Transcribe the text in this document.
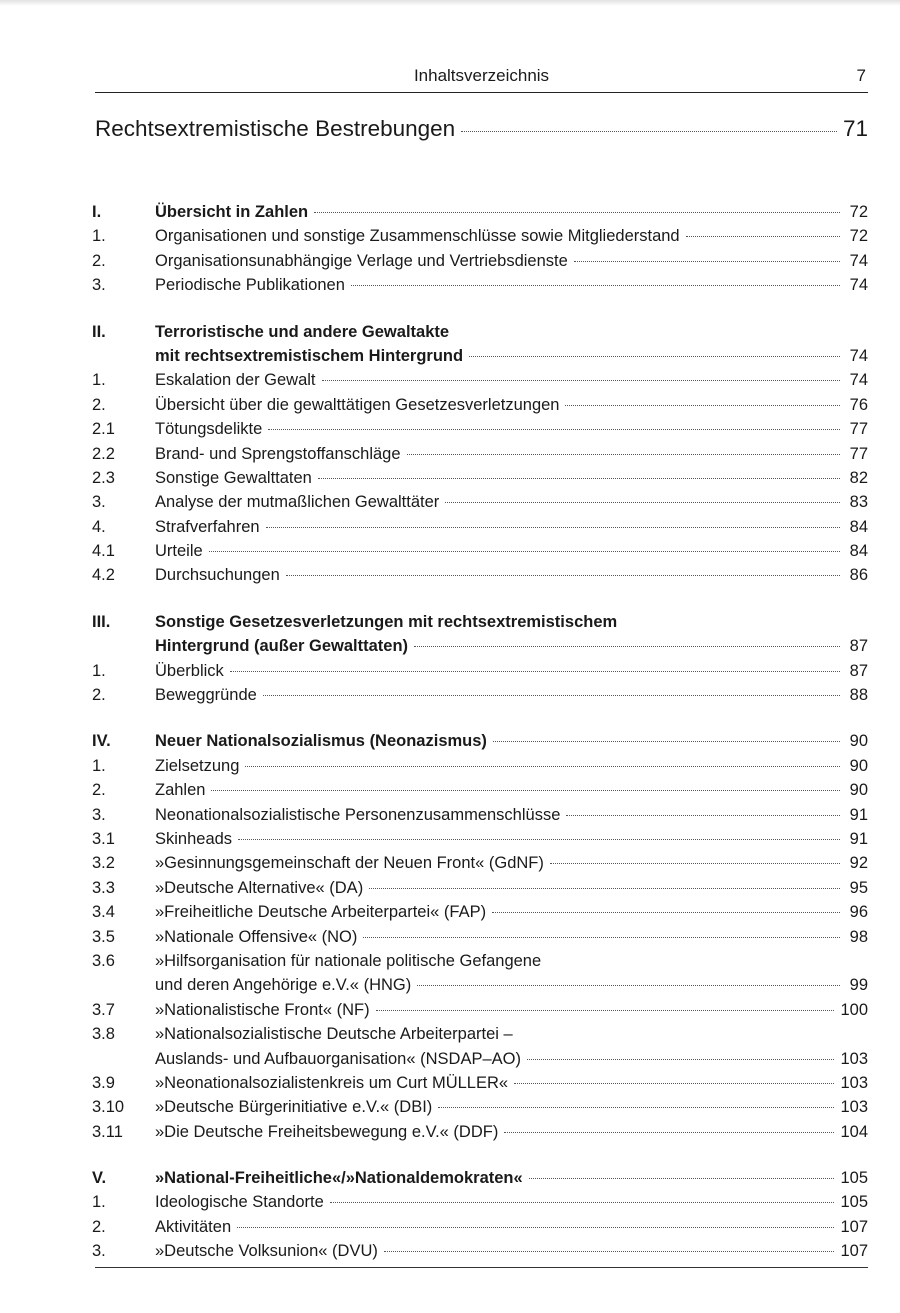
Inhaltsverzeichnis	7
Rechtsextremistische Bestrebungen	71
I.	Übersicht in Zahlen	72
1.	Organisationen und sonstige Zusammenschlüsse sowie Mitgliederstand	72
2.	Organisationsunabhängige Verlage und Vertriebsdienste	74
3.	Periodische Publikationen	74
II.	Terroristische und andere Gewaltakte
mit rechtsextremistischem Hintergrund	74
1.	Eskalation der Gewalt	74
2.	Übersicht über die gewalttätigen Gesetzesverletzungen	76
2.1	Tötungsdelikte	77
2.2	Brand- und Sprengstoffanschläge	77
2.3	Sonstige Gewalttaten	82
3.	Analyse der mutmaßlichen Gewalttäter	83
4.	Strafverfahren	84
4.1	Urteile	84
4.2	Durchsuchungen	86
III.	Sonstige Gesetzesverletzungen mit rechtsextremistischem
Hintergrund (außer Gewalttaten)	87
1.	Überblick	87
2.	Beweggründe	88
IV.	Neuer Nationalsozialismus (Neonazismus)	90
1.	Zielsetzung	90
2.	Zahlen	90
3.	Neonationalsozialistische Personenzusammenschlüsse	91
3.1	Skinheads	91
3.2	»Gesinnungsgemeinschaft der Neuen Front« (GdNF)	92
3.3	»Deutsche Alternative« (DA)	95
3.4	»Freiheitliche Deutsche Arbeiterpartei« (FAP)	96
3.5	»Nationale Offensive« (NO)	98
3.6	»Hilfsorganisation für nationale politische Gefangene
und deren Angehörige e.V.« (HNG)	99
3.7	»Nationalistische Front« (NF)	100
3.8	»Nationalsozialistische Deutsche Arbeiterpartei –
Auslands- und Aufbauorganisation« (NSDAP–AO)	103
3.9	»Neonationalsozialistenkreis um Curt MÜLLER«	103
3.10	»Deutsche Bürgerinitiative e.V.« (DBI)	103
3.11	»Die Deutsche Freiheitsbewegung e.V.« (DDF)	104
V.	»National-Freiheitliche«/»Nationaldemokraten«	105
1.	Ideologische Standorte	105
2.	Aktivitäten	107
3.	»Deutsche Volksunion« (DVU)	107
